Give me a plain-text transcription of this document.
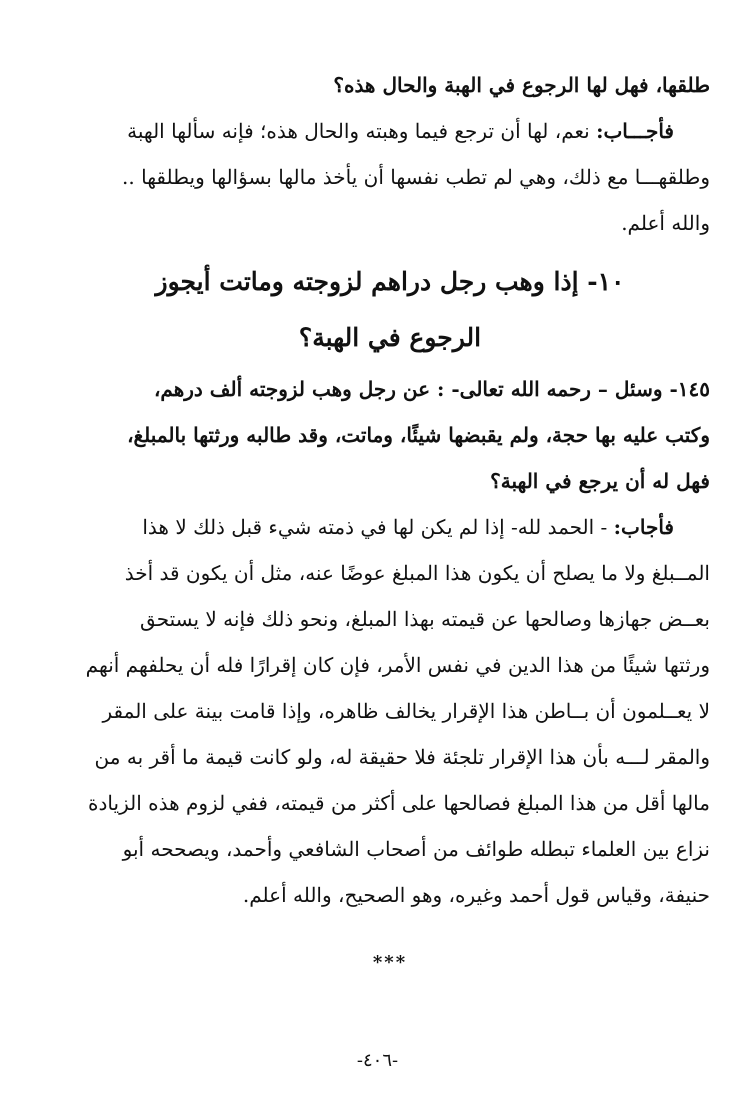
طلقها، فهل لها الرجوع في الهبة والحال هذه؟
فأجـــاب: نعم، لها أن ترجع فيما وهبته والحال هذه؛ فإنه سألها الهبة
وطلقهـــا مع ذلك، وهي لم تطب نفسها أن يأخذ مالها بسؤالها ويطلقها ..
والله أعلم.
١٠- إذا وهب رجل دراهم لزوجته وماتت أيجوز
الرجوع في الهبة؟
١٤٥- وسئل – رحمه الله تعالى- : عن رجل وهب لزوجته ألف درهم،
وكتب عليه بها حجة، ولم يقبضها شيئًا، وماتت، وقد طالبه ورثتها بالمبلغ،
فهل له أن يرجع في الهبة؟
فأجاب: - الحمد لله- إذا لم يكن لها في ذمته شيء قبل ذلك لا هذا
المــبلغ ولا ما يصلح أن يكون هذا المبلغ عوضًا عنه، مثل أن يكون قد أخذ
بعــض جهازها وصالحها عن قيمته بهذا المبلغ، ونحو ذلك فإنه لا يستحق
ورثتها شيئًا من هذا الدين في نفس الأمر، فإن كان إقرارًا فله أن يحلفهم أنهم
لا يعــلمون أن بــاطن هذا الإقرار يخالف ظاهره، وإذا قامت بينة على المقر
والمقر لـــه بأن هذا الإقرار تلجئة فلا حقيقة له، ولو كانت قيمة ما أقر به من
مالها أقل من هذا المبلغ فصالحها على أكثر من قيمته، ففي لزوم هذه الزيادة
نزاع بين العلماء تبطله طوائف من أصحاب الشافعي وأحمد، ويصححه أبو
حنيفة، وقياس قول أحمد وغيره، وهو الصحيح، والله أعلم.
***
-٤٠٦-
